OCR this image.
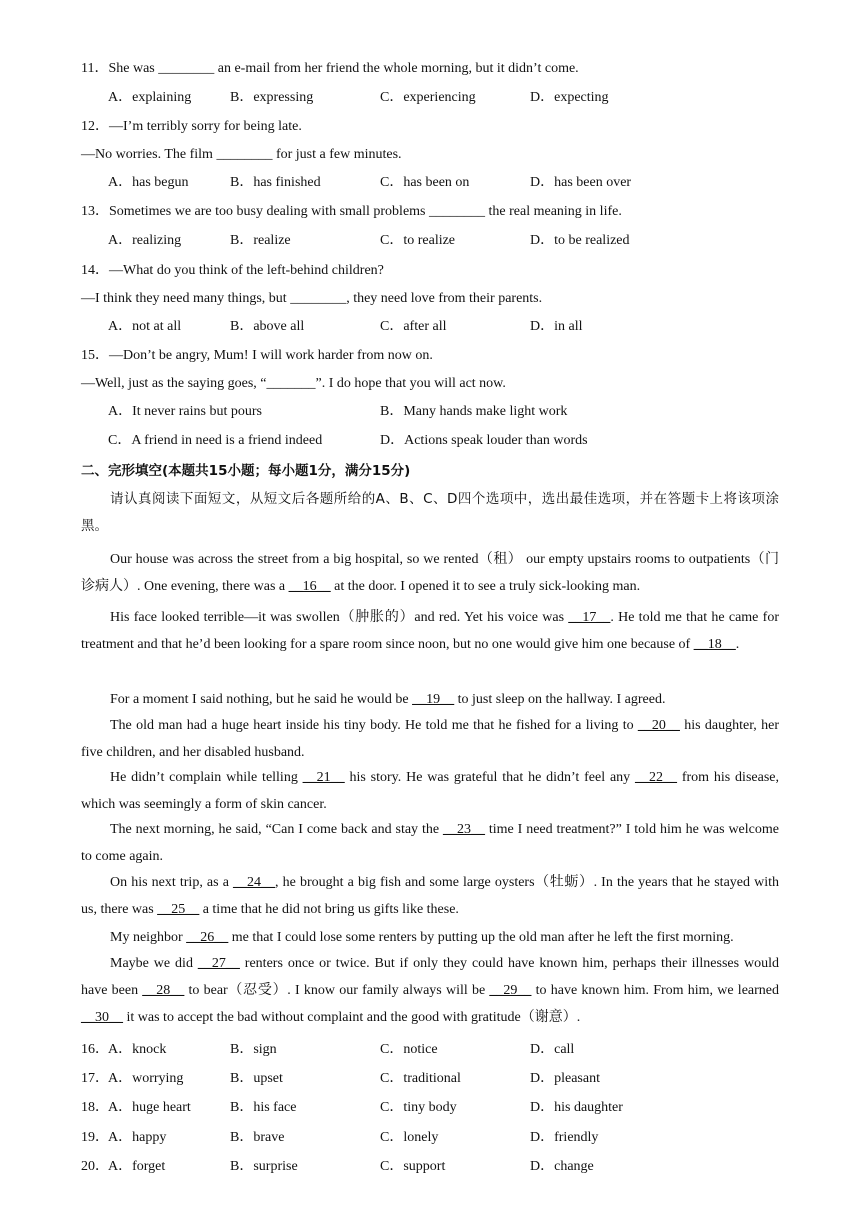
11．She was ________ an e-mail from her friend the whole morning, but it didn’t come.
A．explaining	B．expressing	C．experiencing	D．expecting
12．―I’m terribly sorry for being late.
―No worries. The film ________ for just a few minutes.
A．has begun	B．has finished	C．has been on	D．has been over
13．Sometimes we are too busy dealing with small problems ________ the real meaning in life.
A．realizing	B．realize	C．to realize	D．to be realized
14．—What do you think of the left-behind children?
—I think they need many things, but ________, they need love from their parents.
A．not at all	B．above all	C．after all	D．in all
15．—Don’t be angry, Mum! I will work harder from now on.
—Well, just as the saying goes, “_______”. I do hope that you will act now.
A．It never rains but pours	B．Many hands make light work
C．A friend in need is a friend indeed	D．Actions speak louder than words
二、完形填空(本题共15小题；每小题1分，满分15分)

请认真阅读下面短文，从短文后各题所给的A、B、C、D四个选项中，选出最佳选项，并在答题卡上将该项涂黑。

Our house was across the street from a big hospital, so we rented（租） our empty upstairs rooms to outpatients（门诊病人）. One evening, there was a __16__ at the door. I opened it to see a truly sick-looking man.

His face looked terrible—it was swollen（肿胀的）and red. Yet his voice was __17__. He told me that he came for treatment and that he’d been looking for a spare room since noon, but no one would give him one because of __18__.

For a moment I said nothing, but he said he would be __19__ to just sleep on the hallway. I agreed.

The old man had a huge heart inside his tiny body. He told me that he fished for a living to __20__ his daughter, her five children, and her disabled husband.

He didn’t complain while telling __21__ his story. He was grateful that he didn’t feel any __22__ from his disease, which was seemingly a form of skin cancer.

The next morning, he said, “Can I come back and stay the __23__ time I need treatment?” I told him he was welcome to come again.

On his next trip, as a __24__, he brought a big fish and some large oysters（牡蛎）. In the years that he stayed with us, there was __25__ a time that he did not bring us gifts like these.

My neighbor __26__ me that I could lose some renters by putting up the old man after he left the first morning.

Maybe we did __27__ renters once or twice. But if only they could have known him, perhaps their illnesses would have been __28__ to bear（忍受）. I know our family always will be __29__ to have known him. From him, we learned __30__ it was to accept the bad without complaint and the good with gratitude（谢意）.

16． A．knock	B．sign	C．notice	D．call
17． A．worrying	B．upset	C．traditional	D．pleasant
18． A．huge heart	B．his face	C．tiny body	D．his daughter
19． A．happy	B．brave	C．lonely	D．friendly
20． A．forget	B．surprise	C．support	D．change
